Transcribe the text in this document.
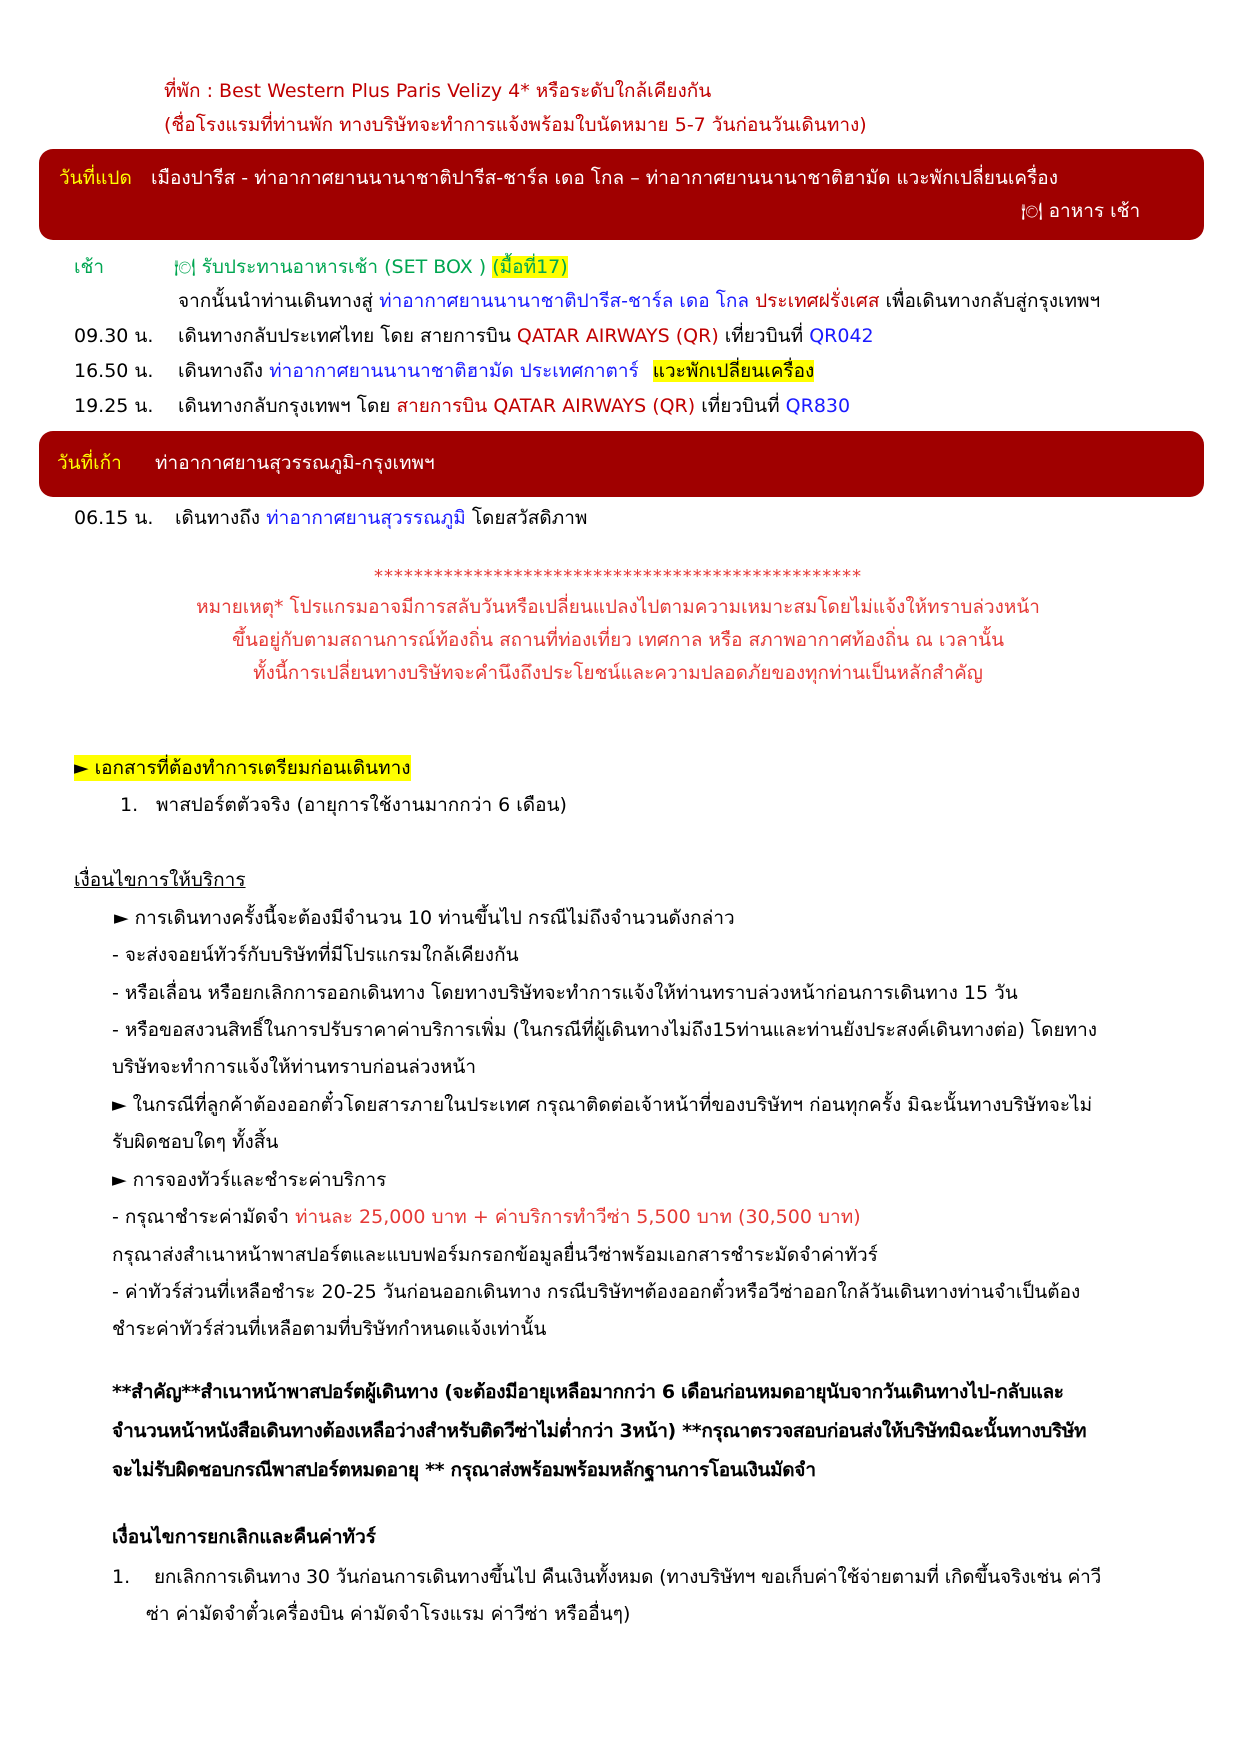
ที่พัก : Best Western Plus Paris Velizy 4* หรือระดับใกล้เคียงกัน
(ชื่อโรงแรมที่ท่านพัก ทางบริษัทจะทำการแจ้งพร้อมใบนัดหมาย 5-7 วันก่อนวันเดินทาง)
วันที่แปด เมืองปารีส - ท่าอากาศยานนานาชาติปารีส-ชาร์ล เดอ โกล – ท่าอากาศยานนานาชาติฮามัด แวะพักเปลี่ยนเครื่อง
🍽 อาหาร เช้า
เช้า	🍽 รับประทานอาหารเช้า (SET BOX ) (มื้อที่17)
จากนั้นนำท่านเดินทางสู่ ท่าอากาศยานนานาชาติปารีส-ชาร์ล เดอ โกล ประเทศฝรั่งเศส เพื่อเดินทางกลับสู่กรุงเทพฯ
09.30 น. เดินทางกลับประเทศไทย โดย สายการบิน QATAR AIRWAYS (QR) เที่ยวบินที่ QR042
16.50 น. เดินทางถึง ท่าอากาศยานนานาชาติฮามัด ประเทศกาตาร์ แวะพักเปลี่ยนเครื่อง
19.25 น. เดินทางกลับกรุงเทพฯ โดย สายการบิน QATAR AIRWAYS (QR) เที่ยวบินที่ QR830
วันที่เก้า ท่าอากาศยานสุวรรณภูมิ-กรุงเทพฯ
06.15 น. เดินทางถึง ท่าอากาศยานสุวรรณภูมิ โดยสวัสดิภาพ
*************************************************
หมายเหตุ* โปรแกรมอาจมีการสลับวันหรือเปลี่ยนแปลงไปตามความเหมาะสมโดยไม่แจ้งให้ทราบล่วงหน้า
ขึ้นอยู่กับตามสถานการณ์ท้องถิ่น สถานที่ท่องเที่ยว เทศกาล หรือ สภาพอากาศท้องถิ่น ณ เวลานั้น
ทั้งนี้การเปลี่ยนทางบริษัทจะคำนึงถึงประโยชน์และความปลอดภัยของทุกท่านเป็นหลักสำคัญ
► เอกสารที่ต้องทำการเตรียมก่อนเดินทาง
1. พาสปอร์ตตัวจริง (อายุการใช้งานมากกว่า 6 เดือน)
เงื่อนไขการให้บริการ
► การเดินทางครั้งนี้จะต้องมีจำนวน 10 ท่านขึ้นไป กรณีไม่ถึงจำนวนดังกล่าว
- จะส่งจอยน์ทัวร์กับบริษัทที่มีโปรแกรมใกล้เคียงกัน
- หรือเลื่อน หรือยกเลิกการออกเดินทาง โดยทางบริษัทจะทำการแจ้งให้ท่านทราบล่วงหน้าก่อนการเดินทาง 15 วัน
- หรือขอสงวนสิทธิ์ในการปรับราคาค่าบริการเพิ่ม (ในกรณีที่ผู้เดินทางไม่ถึง15ท่านและท่านยังประสงค์เดินทางต่อ) โดยทาง
บริษัทจะทำการแจ้งให้ท่านทราบก่อนล่วงหน้า
► ในกรณีที่ลูกค้าต้องออกตั๋วโดยสารภายในประเทศ กรุณาติดต่อเจ้าหน้าที่ของบริษัทฯ ก่อนทุกครั้ง มิฉะนั้นทางบริษัทจะไม่
รับผิดชอบใดๆ ทั้งสิ้น
► การจองทัวร์และชำระค่าบริการ
- กรุณาชำระค่ามัดจำ ท่านละ 25,000 บาท + ค่าบริการทำวีซ่า 5,500 บาท (30,500 บาท)
กรุณาส่งสำเนาหน้าพาสปอร์ตและแบบฟอร์มกรอกข้อมูลยื่นวีซ่าพร้อมเอกสารชำระมัดจำค่าทัวร์
- ค่าทัวร์ส่วนที่เหลือชำระ 20-25 วันก่อนออกเดินทาง กรณีบริษัทฯต้องออกตั๋วหรือวีซ่าออกใกล้วันเดินทางท่านจำเป็นต้อง
ชำระค่าทัวร์ส่วนที่เหลือตามที่บริษัทกำหนดแจ้งเท่านั้น
**สำคัญ**สำเนาหน้าพาสปอร์ตผู้เดินทาง (จะต้องมีอายุเหลือมากกว่า 6 เดือนก่อนหมดอายุนับจากวันเดินทางไป-กลับและ
จำนวนหน้าหนังสือเดินทางต้องเหลือว่างสำหรับติดวีซ่าไม่ต่ำกว่า 3หน้า) **กรุณาตรวจสอบก่อนส่งให้บริษัทมิฉะนั้นทางบริษัท
จะไม่รับผิดชอบกรณีพาสปอร์ตหมดอายุ ** กรุณาส่งพร้อมพร้อมหลักฐานการโอนเงินมัดจำ
เงื่อนไขการยกเลิกและคืนค่าทัวร์
1. ยกเลิกการเดินทาง 30 วันก่อนการเดินทางขึ้นไป คืนเงินทั้งหมด (ทางบริษัทฯ ขอเก็บค่าใช้จ่ายตามที่ เกิดขึ้นจริงเช่น ค่าวี
ซ่า ค่ามัดจำตั๋วเครื่องบิน ค่ามัดจำโรงแรม ค่าวีซ่า หรืออื่นๆ)
